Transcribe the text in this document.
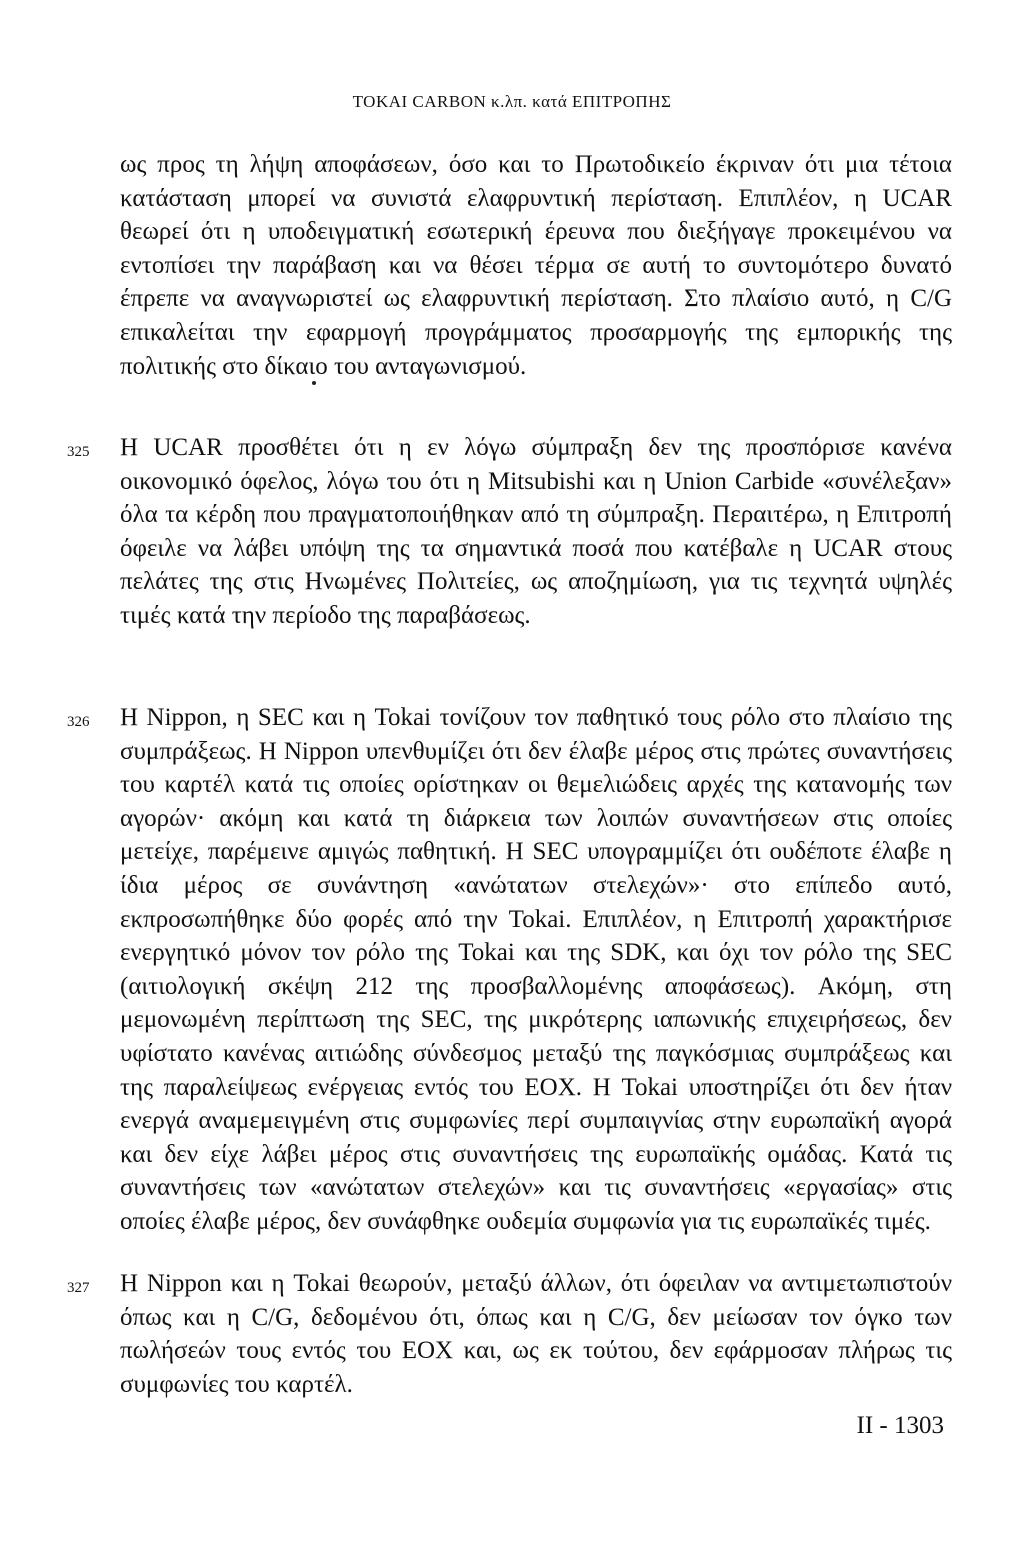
TOKAI CARBON κ.λπ. κατά ΕΠΙΤΡΟΠΗΣ

ως προς τη λήψη αποφάσεων, όσο και το Πρωτοδικείο έκριναν ότι μια τέτοια κατάσταση μπορεί να συνιστά ελαφρυντική περίσταση. Επιπλέον, η UCAR θεωρεί ότι η υποδειγματική εσωτερική έρευνα που διεξήγαγε προκειμένου να εντοπίσει την παράβαση και να θέσει τέρμα σε αυτή το συντομότερο δυνατό έπρεπε να αναγνωριστεί ως ελαφρυντική περίσταση. Στο πλαίσιο αυτό, η C/G επικαλείται την εφαρμογή προγράμματος προσαρμογής της εμπορικής της πολιτικής στο δίκαιο του ανταγωνισμού.

325	Η UCAR προσθέτει ότι η εν λόγω σύμπραξη δεν της προσπόρισε κανένα οικονομικό όφελος, λόγω του ότι η Mitsubishi και η Union Carbide «συνέλεξαν» όλα τα κέρδη που πραγματοποιήθηκαν από τη σύμπραξη. Περαιτέρω, η Επιτροπή όφειλε να λάβει υπόψη της τα σημαντικά ποσά που κατέβαλε η UCAR στους πελάτες της στις Ηνωμένες Πολιτείες, ως αποζημίωση, για τις τεχνητά υψηλές τιμές κατά την περίοδο της παραβάσεως.

326	Η Nippon, η SEC και η Tokai τονίζουν τον παθητικό τους ρόλο στο πλαίσιο της συμπράξεως. Η Nippon υπενθυμίζει ότι δεν έλαβε μέρος στις πρώτες συναντήσεις του καρτέλ κατά τις οποίες ορίστηκαν οι θεμελιώδεις αρχές της κατανομής των αγορών· ακόμη και κατά τη διάρκεια των λοιπών συναντήσεων στις οποίες μετείχε, παρέμεινε αμιγώς παθητική. Η SEC υπογραμμίζει ότι ουδέποτε έλαβε η ίδια μέρος σε συνάντηση «ανώτατων στελεχών»· στο επίπεδο αυτό, εκπροσωπήθηκε δύο φορές από την Tokai. Επιπλέον, η Επιτροπή χαρακτήρισε ενεργητικό μόνον τον ρόλο της Tokai και της SDK, και όχι τον ρόλο της SEC (αιτιολογική σκέψη 212 της προσβαλλομένης αποφάσεως). Ακόμη, στη μεμονωμένη περίπτωση της SEC, της μικρότερης ιαπωνικής επιχειρήσεως, δεν υφίστατο κανένας αιτιώδης σύνδεσμος μεταξύ της παγκόσμιας συμπράξεως και της παραλείψεως ενέργειας εντός του ΕΟΧ. Η Tokai υποστηρίζει ότι δεν ήταν ενεργά αναμεμειγμένη στις συμφωνίες περί συμπαιγνίας στην ευρωπαϊκή αγορά και δεν είχε λάβει μέρος στις συναντήσεις της ευρωπαϊκής ομάδας. Κατά τις συναντήσεις των «ανώτατων στελεχών» και τις συναντήσεις «εργασίας» στις οποίες έλαβε μέρος, δεν συνάφθηκε ουδεμία συμφωνία για τις ευρωπαϊκές τιμές.

327	Η Nippon και η Tokai θεωρούν, μεταξύ άλλων, ότι όφειλαν να αντιμετωπιστούν όπως και η C/G, δεδομένου ότι, όπως και η C/G, δεν μείωσαν τον όγκο των πωλήσεών τους εντός του ΕΟΧ και, ως εκ τούτου, δεν εφάρμοσαν πλήρως τις συμφωνίες του καρτέλ.

II - 1303
